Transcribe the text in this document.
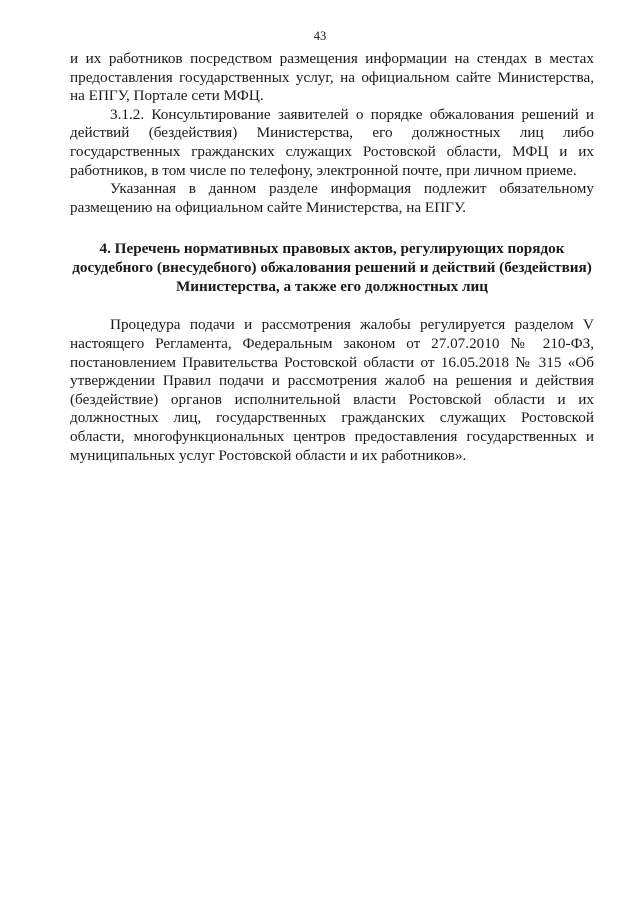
43

и их работников посредством размещения информации на стендах в местах предоставления государственных услуг, на официальном сайте Министерства, на ЕПГУ, Портале сети МФЦ.

3.1.2. Консультирование заявителей о порядке обжалования решений и действий (бездействия) Министерства, его должностных лиц либо государственных гражданских служащих Ростовской области, МФЦ и их работников, в том числе по телефону, электронной почте, при личном приеме.

Указанная в данном разделе информация подлежит обязательному размещению на официальном сайте Министерства, на ЕПГУ.

4. Перечень нормативных правовых актов, регулирующих порядок
досудебного (внесудебного) обжалования решений и действий (бездействия)
Министерства, а также его должностных лиц

Процедура подачи и рассмотрения жалобы регулируется разделом V настоящего Регламента, Федеральным законом от 27.07.2010 № 210-ФЗ, постановлением Правительства Ростовской области от 16.05.2018 № 315 «Об утверждении Правил подачи и рассмотрения жалоб на решения и действия (бездействие) органов исполнительной власти Ростовской области и их должностных лиц, государственных гражданских служащих Ростовской области, многофункциональных центров предоставления государственных и муниципальных услуг Ростовской области и их работников».
